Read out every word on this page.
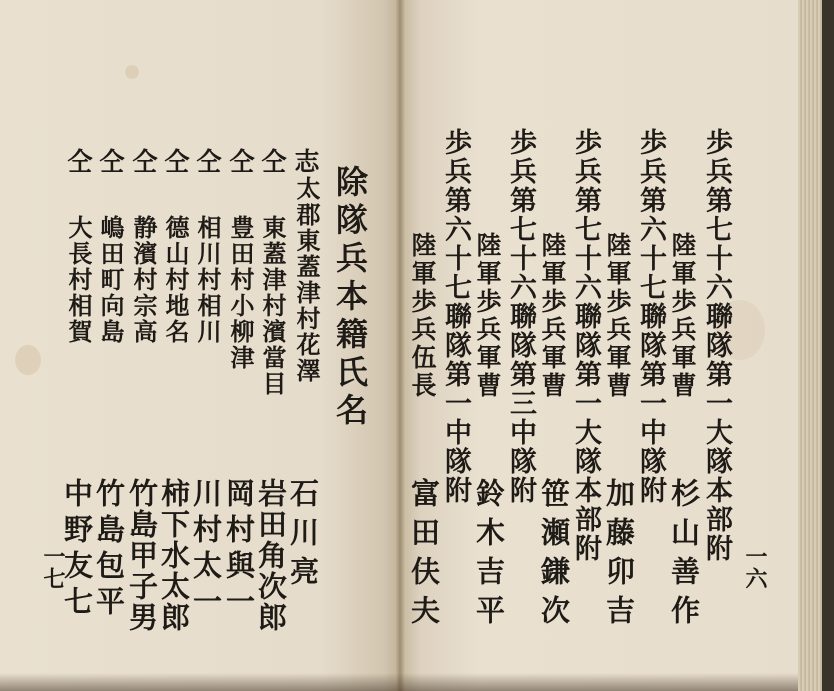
歩兵第七十六聯隊第一大隊本部附
陸軍歩兵軍曹
杉山善作
歩兵第六十七聯隊第一中隊附
陸軍歩兵軍曹
加藤卯吉
歩兵第七十六聯隊第一大隊本部附
陸軍歩兵軍曹
笹瀬鎌次
歩兵第七十六聯隊第三中隊附
陸軍歩兵軍曹
鈴木吉平
歩兵第六十七聯隊第一中隊附
陸軍歩兵伍長
富田伕夫	一六
除隊兵本籍氏名
志
太郡東蓋津村花澤
石川亮
仝
東蓋津村濱當目
岩田角次郎
仝
豊田村小柳津
岡村與一
仝
相川村相川
川村太一
仝
德山村地名
柿下水太郎
仝
静濱村宗高
竹島甲子男
仝
嶋田町向島
竹島包平
仝
大長村相賀
中野友七
一七
